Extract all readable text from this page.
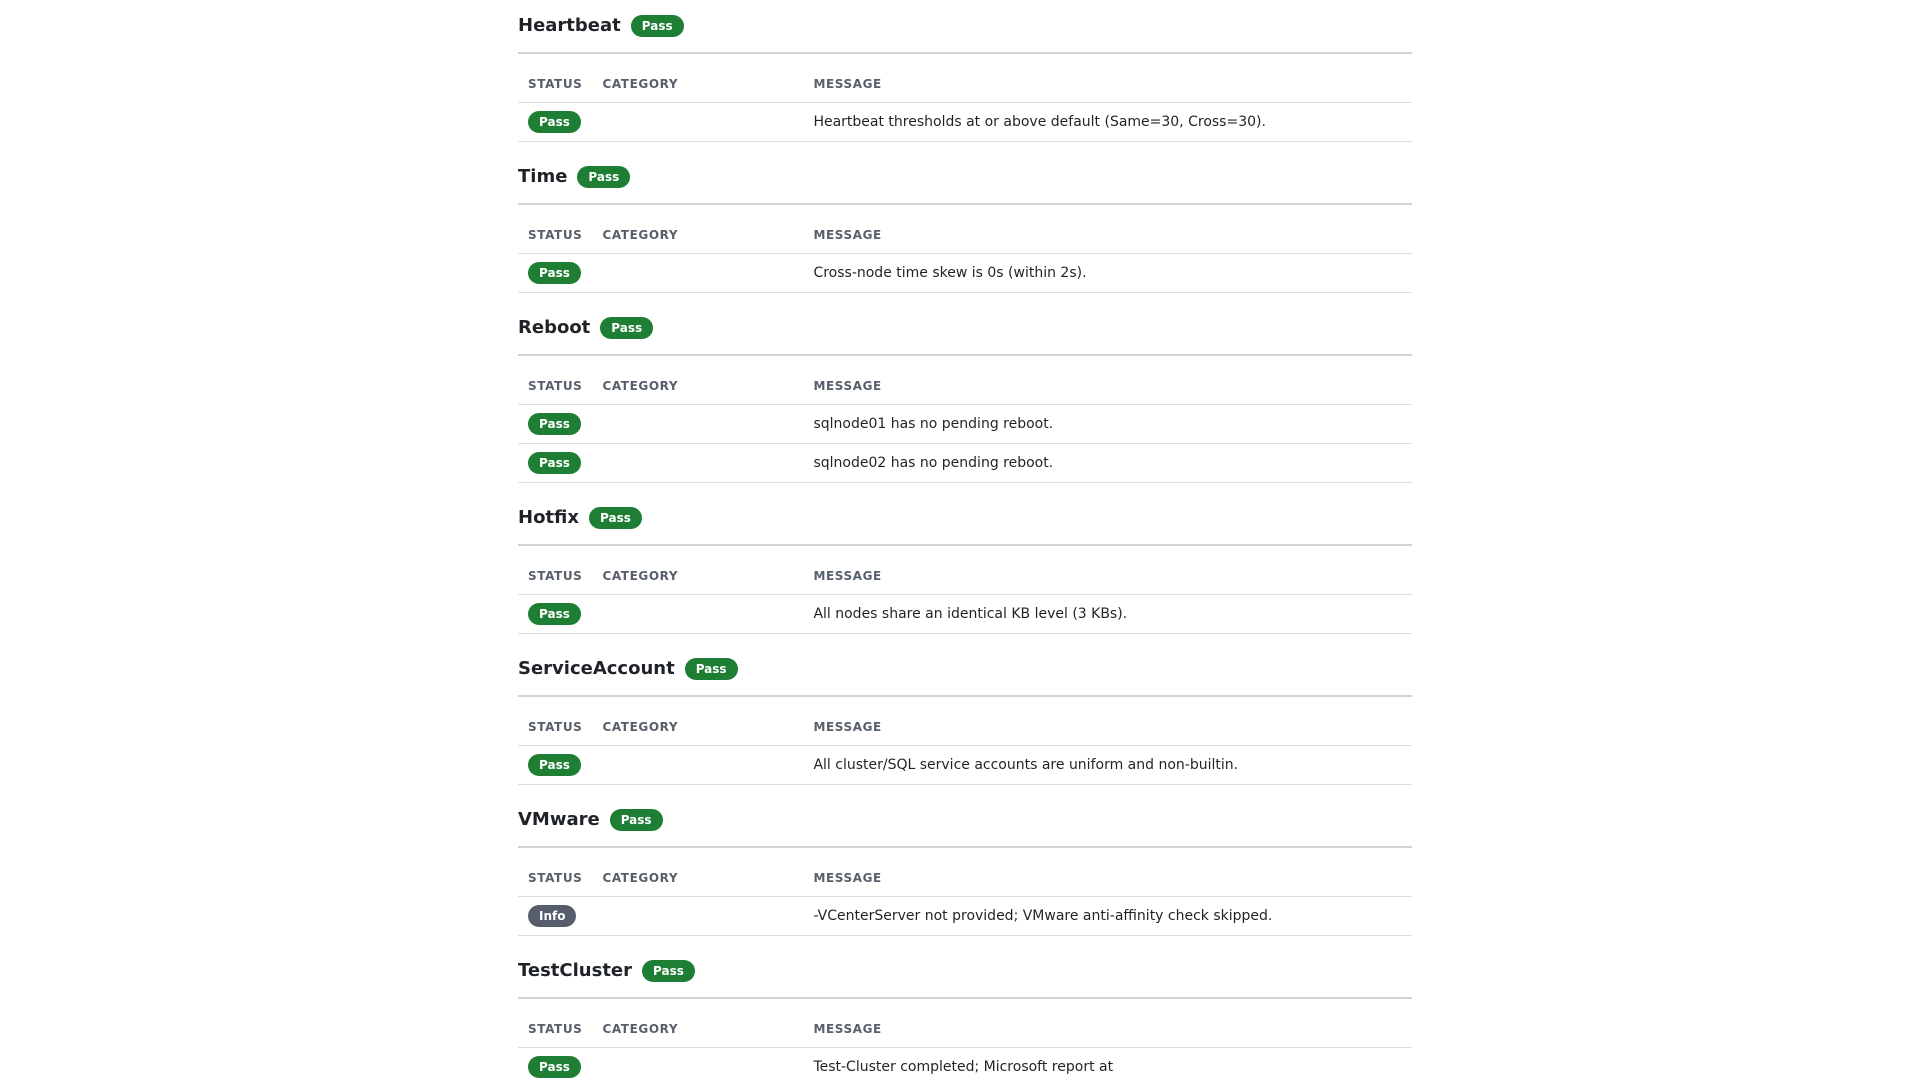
Heartbeat	Pass
STATUS	CATEGORY	MESSAGE
Pass		Heartbeat thresholds at or above default (Same=30, Cross=30).
Time	Pass
STATUS	CATEGORY	MESSAGE
Pass		Cross-node time skew is 0s (within 2s).
Reboot	Pass
STATUS	CATEGORY	MESSAGE
Pass		sqlnode01 has no pending reboot.
Pass		sqlnode02 has no pending reboot.
Hotfix	Pass
STATUS	CATEGORY	MESSAGE
Pass		All nodes share an identical KB level (3 KBs).
ServiceAccount	Pass
STATUS	CATEGORY	MESSAGE
Pass		All cluster/SQL service accounts are uniform and non-builtin.
VMware	Pass
STATUS	CATEGORY	MESSAGE
Info		-VCenterServer not provided; VMware anti-affinity check skipped.
TestCluster	Pass
STATUS	CATEGORY	MESSAGE
Pass		Test-Cluster completed; Microsoft report at
